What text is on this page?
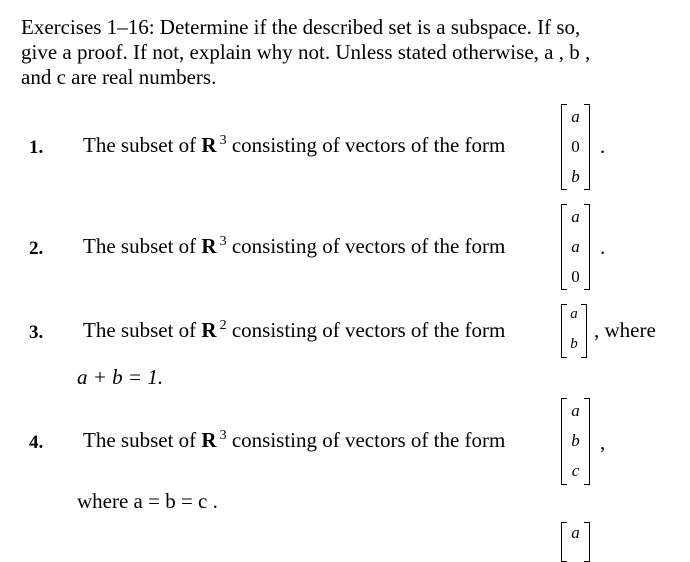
Exercises 1–16: Determine if the described set is a subspace. If so,
give a proof. If not, explain why not. Unless stated otherwise, a , b ,
and c are real numbers.
1. The subset of R $^3$ consisting of vectors of the form
a
0
b
.
2. The subset of R $^3$ consisting of vectors of the form
a
a
0
.
3. The subset of R $^2$ consisting of vectors of the form
a
b
, where
a + b = 1.
4. The subset of R $^3$ consisting of vectors of the form
a
b
c
,
where a = b = c .
a
